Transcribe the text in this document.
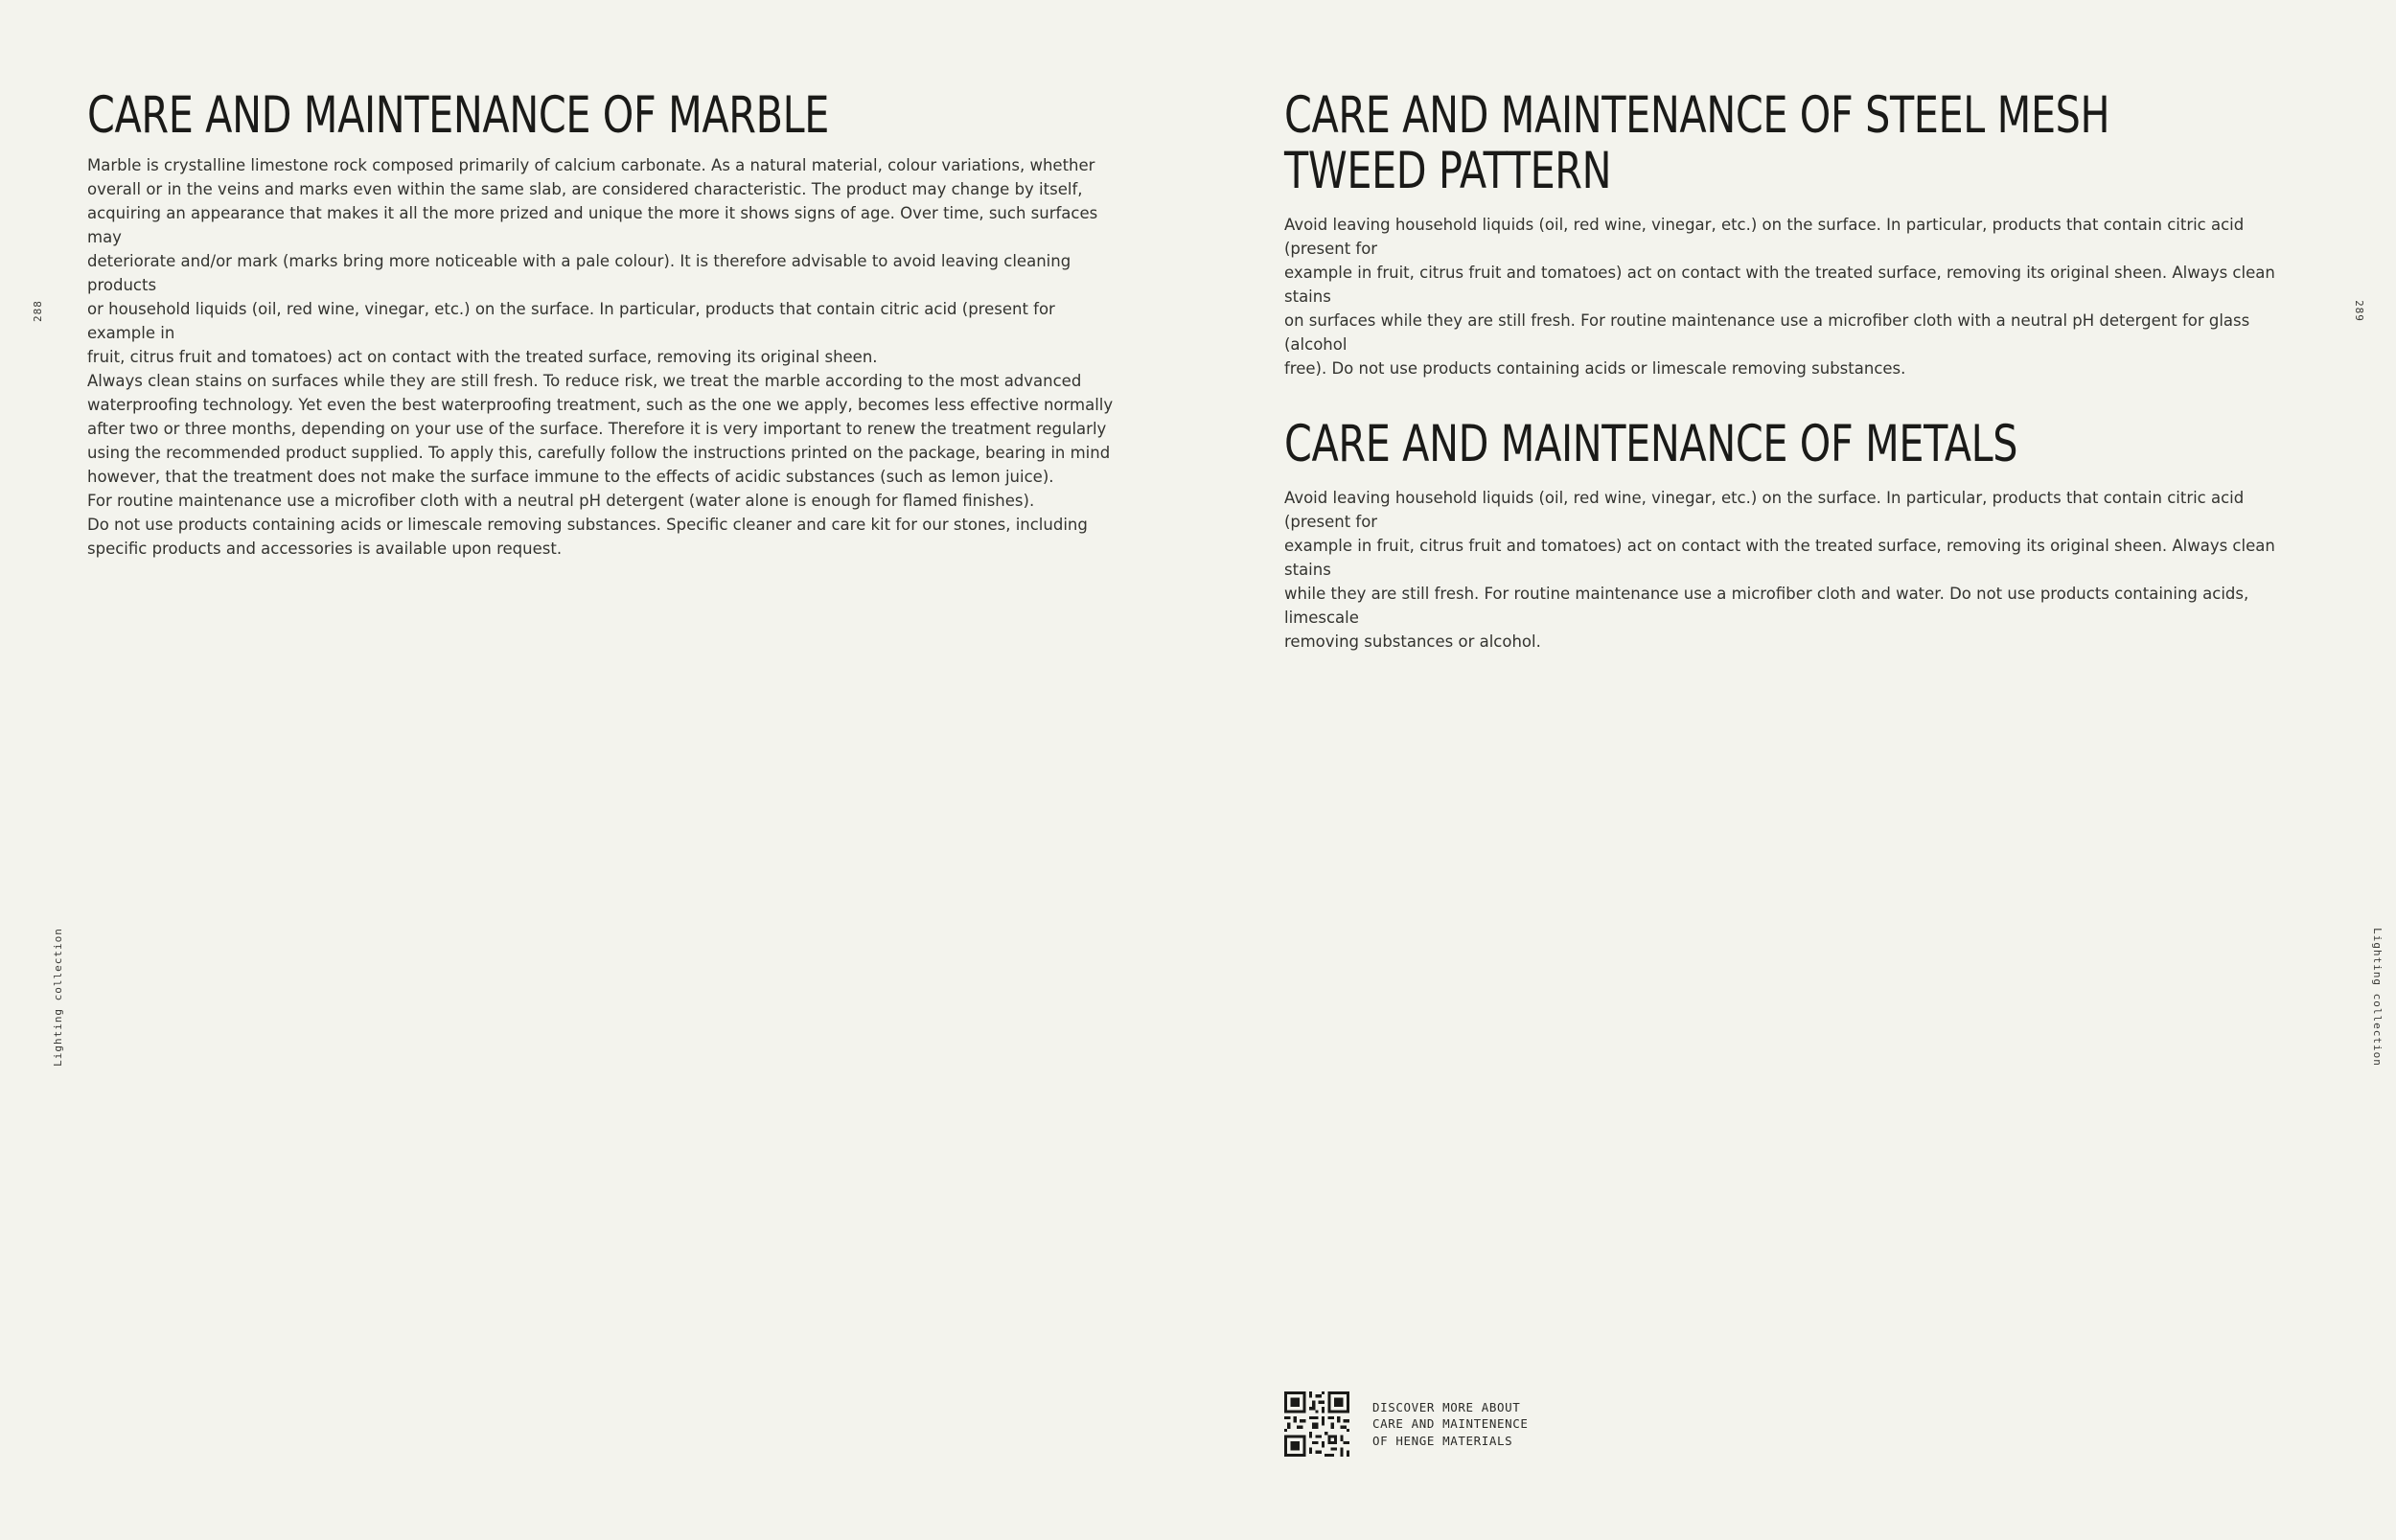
288
Lighting collection
CARE AND MAINTENANCE OF MARBLE

Marble is crystalline limestone rock composed primarily of calcium carbonate. As a natural material, colour variations, whether
overall or in the veins and marks even within the same slab, are considered characteristic. The product may change by itself,
acquiring an appearance that makes it all the more prized and unique the more it shows signs of age. Over time, such surfaces may
deteriorate and/or mark (marks bring more noticeable with a pale colour). It is therefore advisable to avoid leaving cleaning products
or household liquids (oil, red wine, vinegar, etc.) on the surface. In particular, products that contain citric acid (present for example in
fruit, citrus fruit and tomatoes) act on contact with the treated surface, removing its original sheen.
Always clean stains on surfaces while they are still fresh. To reduce risk, we treat the marble according to the most advanced
waterproofing technology. Yet even the best waterproofing treatment, such as the one we apply, becomes less effective normally
after two or three months, depending on your use of the surface. Therefore it is very important to renew the treatment regularly
using the recommended product supplied. To apply this, carefully follow the instructions printed on the package, bearing in mind
however, that the treatment does not make the surface immune to the effects of acidic substances (such as lemon juice).
For routine maintenance use a microfiber cloth with a neutral pH detergent (water alone is enough for flamed finishes).
Do not use products containing acids or limescale removing substances. Specific cleaner and care kit for our stones, including
specific products and accessories is available upon request.

289
Lighting collection
CARE AND MAINTENANCE OF STEEL MESH
TWEED PATTERN

Avoid leaving household liquids (oil, red wine, vinegar, etc.) on the surface. In particular, products that contain citric acid (present for
example in fruit, citrus fruit and tomatoes) act on contact with the treated surface, removing its original sheen. Always clean stains
on surfaces while they are still fresh. For routine maintenance use a microfiber cloth with a neutral pH detergent for glass (alcohol
free). Do not use products containing acids or limescale removing substances.

CARE AND MAINTENANCE OF METALS

Avoid leaving household liquids (oil, red wine, vinegar, etc.) on the surface. In particular, products that contain citric acid (present for
example in fruit, citrus fruit and tomatoes) act on contact with the treated surface, removing its original sheen. Always clean stains
while they are still fresh. For routine maintenance use a microfiber cloth and water. Do not use products containing acids, limescale
removing substances or alcohol.

DISCOVER MORE ABOUT
CARE AND MAINTENENCE
OF HENGE MATERIALS
